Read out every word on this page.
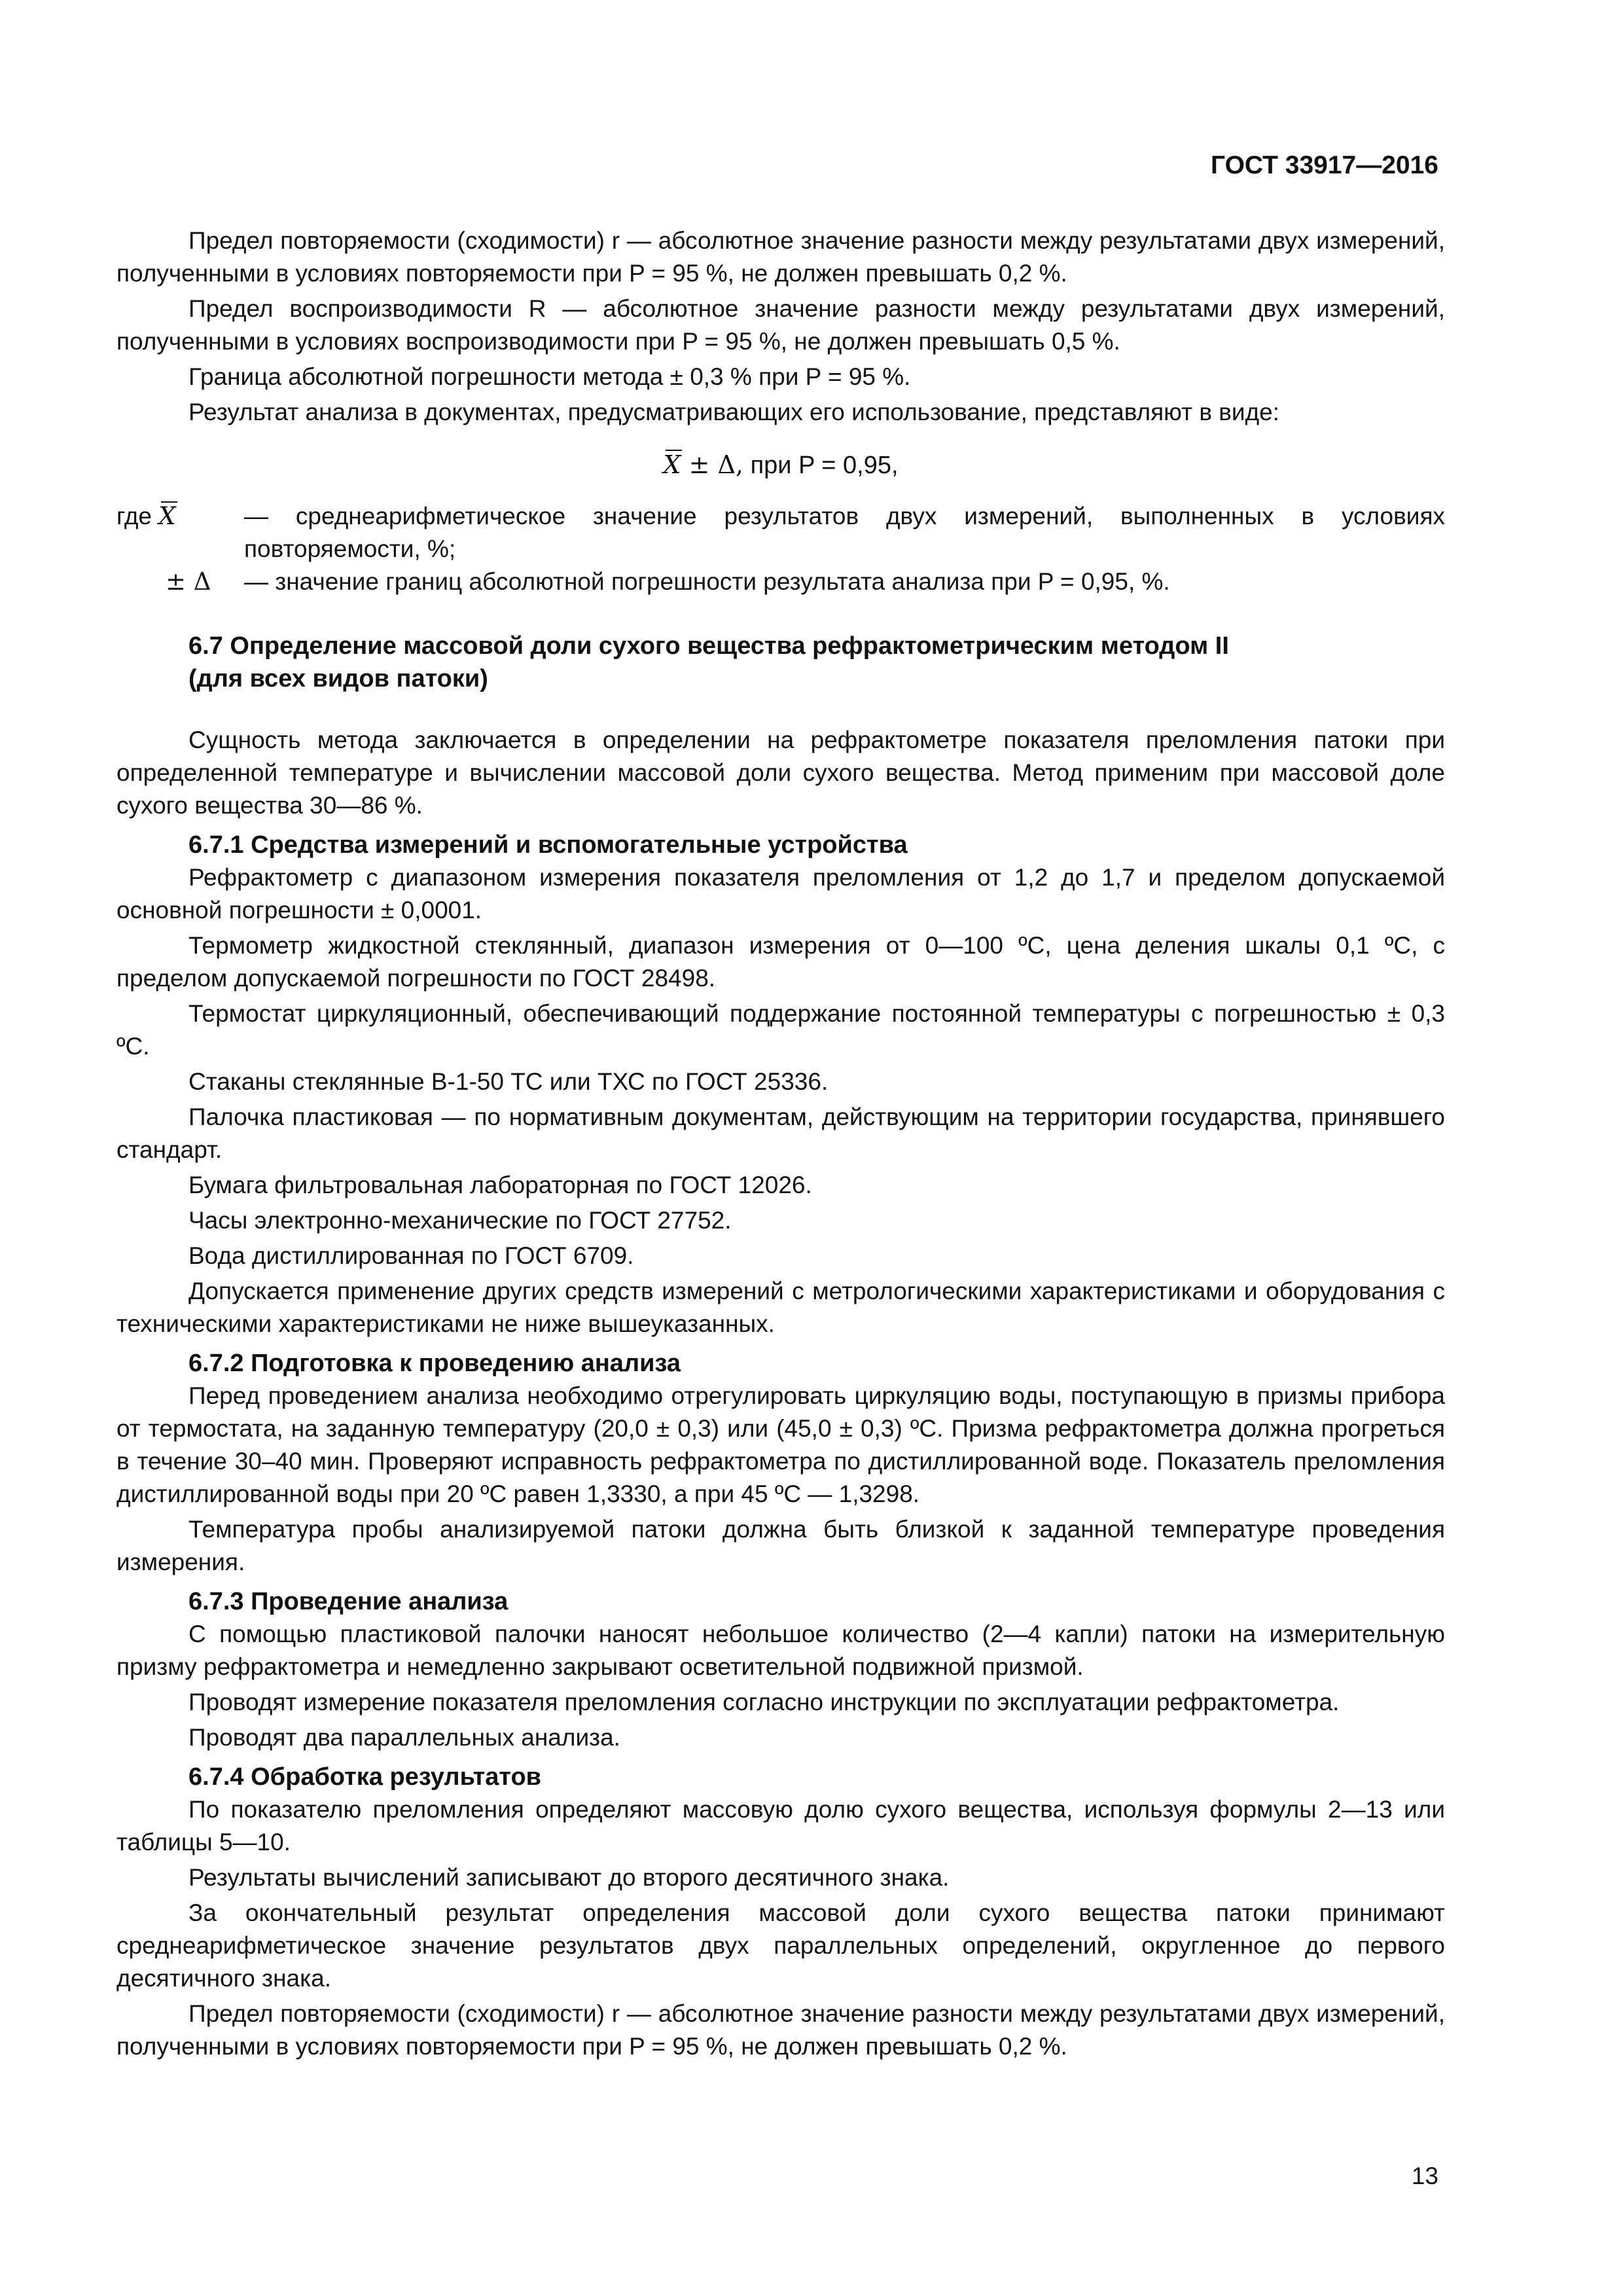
ГОСТ 33917—2016

Предел повторяемости (сходимости) r — абсолютное значение разности между результатами двух измерений, полученными в условиях повторяемости при P = 95 %, не должен превышать 0,2 %.

Предел воспроизводимости R — абсолютное значение разности между результатами двух измерений, полученными в условиях воспроизводимости при P = 95 %, не должен превышать 0,5 %.

Граница абсолютной погрешности метода ± 0,3 % при P = 95 %.

Результат анализа в документах, предусматривающих его использование, представляют в виде:

X ± Δ, при P = 0,95,
где X	— среднеарифметическое значение результатов двух измерений, выполненных в условиях повторяемости, %;
± Δ — значение границ абсолютной погрешности результата анализа при P = 0,95, %.
6.7 Определение массовой доли сухого вещества рефрактометрическим методом II
(для всех видов патоки)

Сущность метода заключается в определении на рефрактометре показателя преломления патоки при определенной температуре и вычислении массовой доли сухого вещества. Метод применим при массовой доле сухого вещества 30—86 %.

6.7.1 Средства измерений и вспомогательные устройства

Рефрактометр с диапазоном измерения показателя преломления от 1,2 до 1,7 и пределом допускаемой основной погрешности ± 0,0001.

Термометр жидкостной стеклянный, диапазон измерения от 0—100 ºС, цена деления шкалы 0,1 ºС, с пределом допускаемой погрешности по ГОСТ 28498.

Термостат циркуляционный, обеспечивающий поддержание постоянной температуры с погрешностью ± 0,3 ºС.

Стаканы стеклянные В-1-50 ТС или ТХС по ГОСТ 25336.

Палочка пластиковая — по нормативным документам, действующим на территории государства, принявшего стандарт.

Бумага фильтровальная лабораторная по ГОСТ 12026.

Часы электронно-механические по ГОСТ 27752.

Вода дистиллированная по ГОСТ 6709.

Допускается применение других средств измерений с метрологическими характеристиками и оборудования с техническими характеристиками не ниже вышеуказанных.

6.7.2 Подготовка к проведению анализа

Перед проведением анализа необходимо отрегулировать циркуляцию воды, поступающую в призмы прибора от термостата, на заданную температуру (20,0 ± 0,3) или (45,0 ± 0,3) ºС. Призма рефрактометра должна прогреться в течение 30–40 мин. Проверяют исправность рефрактометра по дистиллированной воде. Показатель преломления дистиллированной воды при 20 ºС равен 1,3330, а при 45 ºС — 1,3298.

Температура пробы анализируемой патоки должна быть близкой к заданной температуре проведения измерения.

6.7.3 Проведение анализа

С помощью пластиковой палочки наносят небольшое количество (2—4 капли) патоки на измерительную призму рефрактометра и немедленно закрывают осветительной подвижной призмой.

Проводят измерение показателя преломления согласно инструкции по эксплуатации рефрактометра.

Проводят два параллельных анализа.

6.7.4 Обработка результатов

По показателю преломления определяют массовую долю сухого вещества, используя формулы 2—13 или таблицы 5—10.

Результаты вычислений записывают до второго десятичного знака.

За окончательный результат определения массовой доли сухого вещества патоки принимают среднеарифметическое значение результатов двух параллельных определений, округленное до первого десятичного знака.

Предел повторяемости (сходимости) r — абсолютное значение разности между результатами двух измерений, полученными в условиях повторяемости при P = 95 %, не должен превышать 0,2 %.

13
